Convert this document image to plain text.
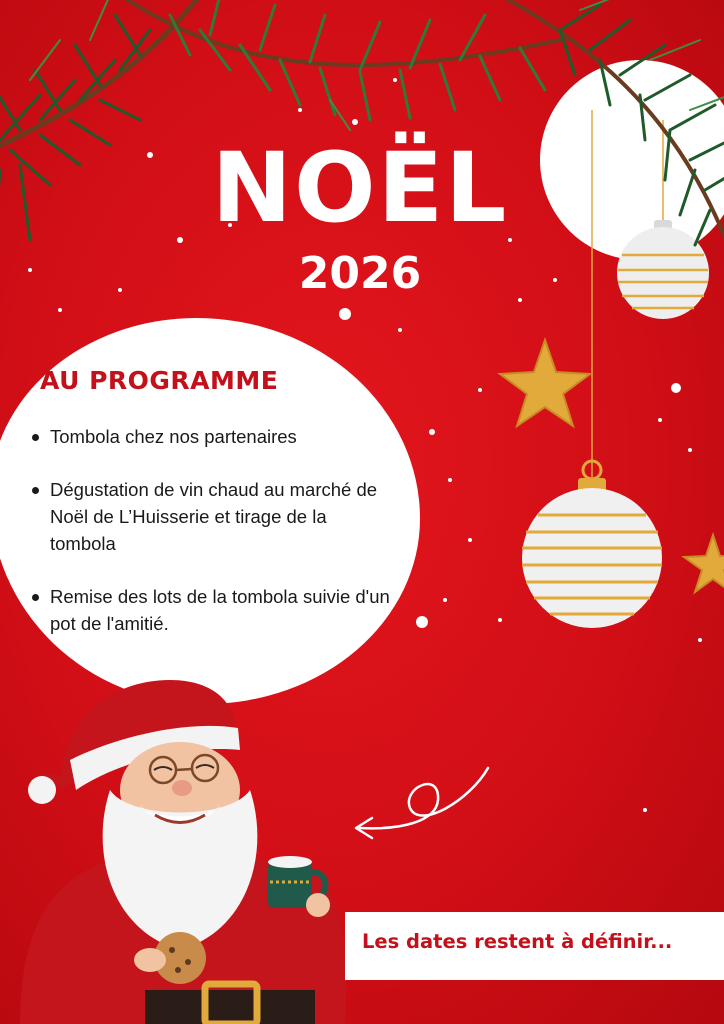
NOËL
2026
AU PROGRAMME
Tombola chez nos partenaires
Dégustation de vin chaud au marché de Noël de L’Huisserie et tirage de la tombola
Remise des lots de la tombola suivie d'un pot de l'amitié.
Les dates restent à définir...
